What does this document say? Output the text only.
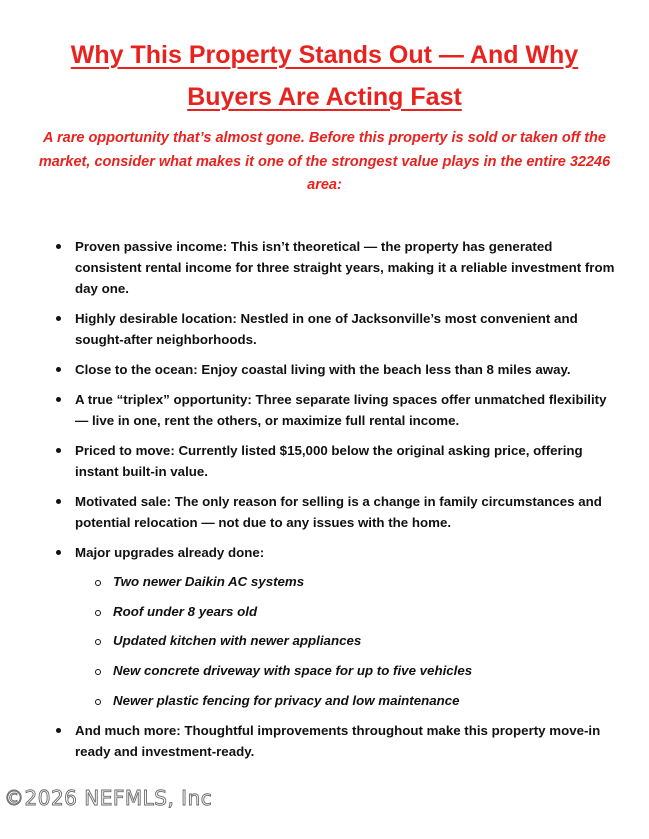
Why This Property Stands Out — And Why Buyers Are Acting Fast

A rare opportunity that’s almost gone. Before this property is sold or taken off the market, consider what makes it one of the strongest value plays in the entire 32246 area:

Proven passive income: This isn’t theoretical — the property has generated consistent rental income for three straight years, making it a reliable investment from day one.
Highly desirable location: Nestled in one of Jacksonville’s most convenient and sought-after neighborhoods.
Close to the ocean: Enjoy coastal living with the beach less than 8 miles away.
A true “triplex” opportunity: Three separate living spaces offer unmatched flexibility — live in one, rent the others, or maximize full rental income.
Priced to move: Currently listed $15,000 below the original asking price, offering instant built-in value.
Motivated sale: The only reason for selling is a change in family circumstances and potential relocation — not due to any issues with the home.
Major upgrades already done:
Two newer Daikin AC systems
Roof under 8 years old
Updated kitchen with newer appliances
New concrete driveway with space for up to five vehicles
Newer plastic fencing for privacy and low maintenance
And much more: Thoughtful improvements throughout make this property move-in ready and investment-ready.
©2026 NEFMLS, Inc
